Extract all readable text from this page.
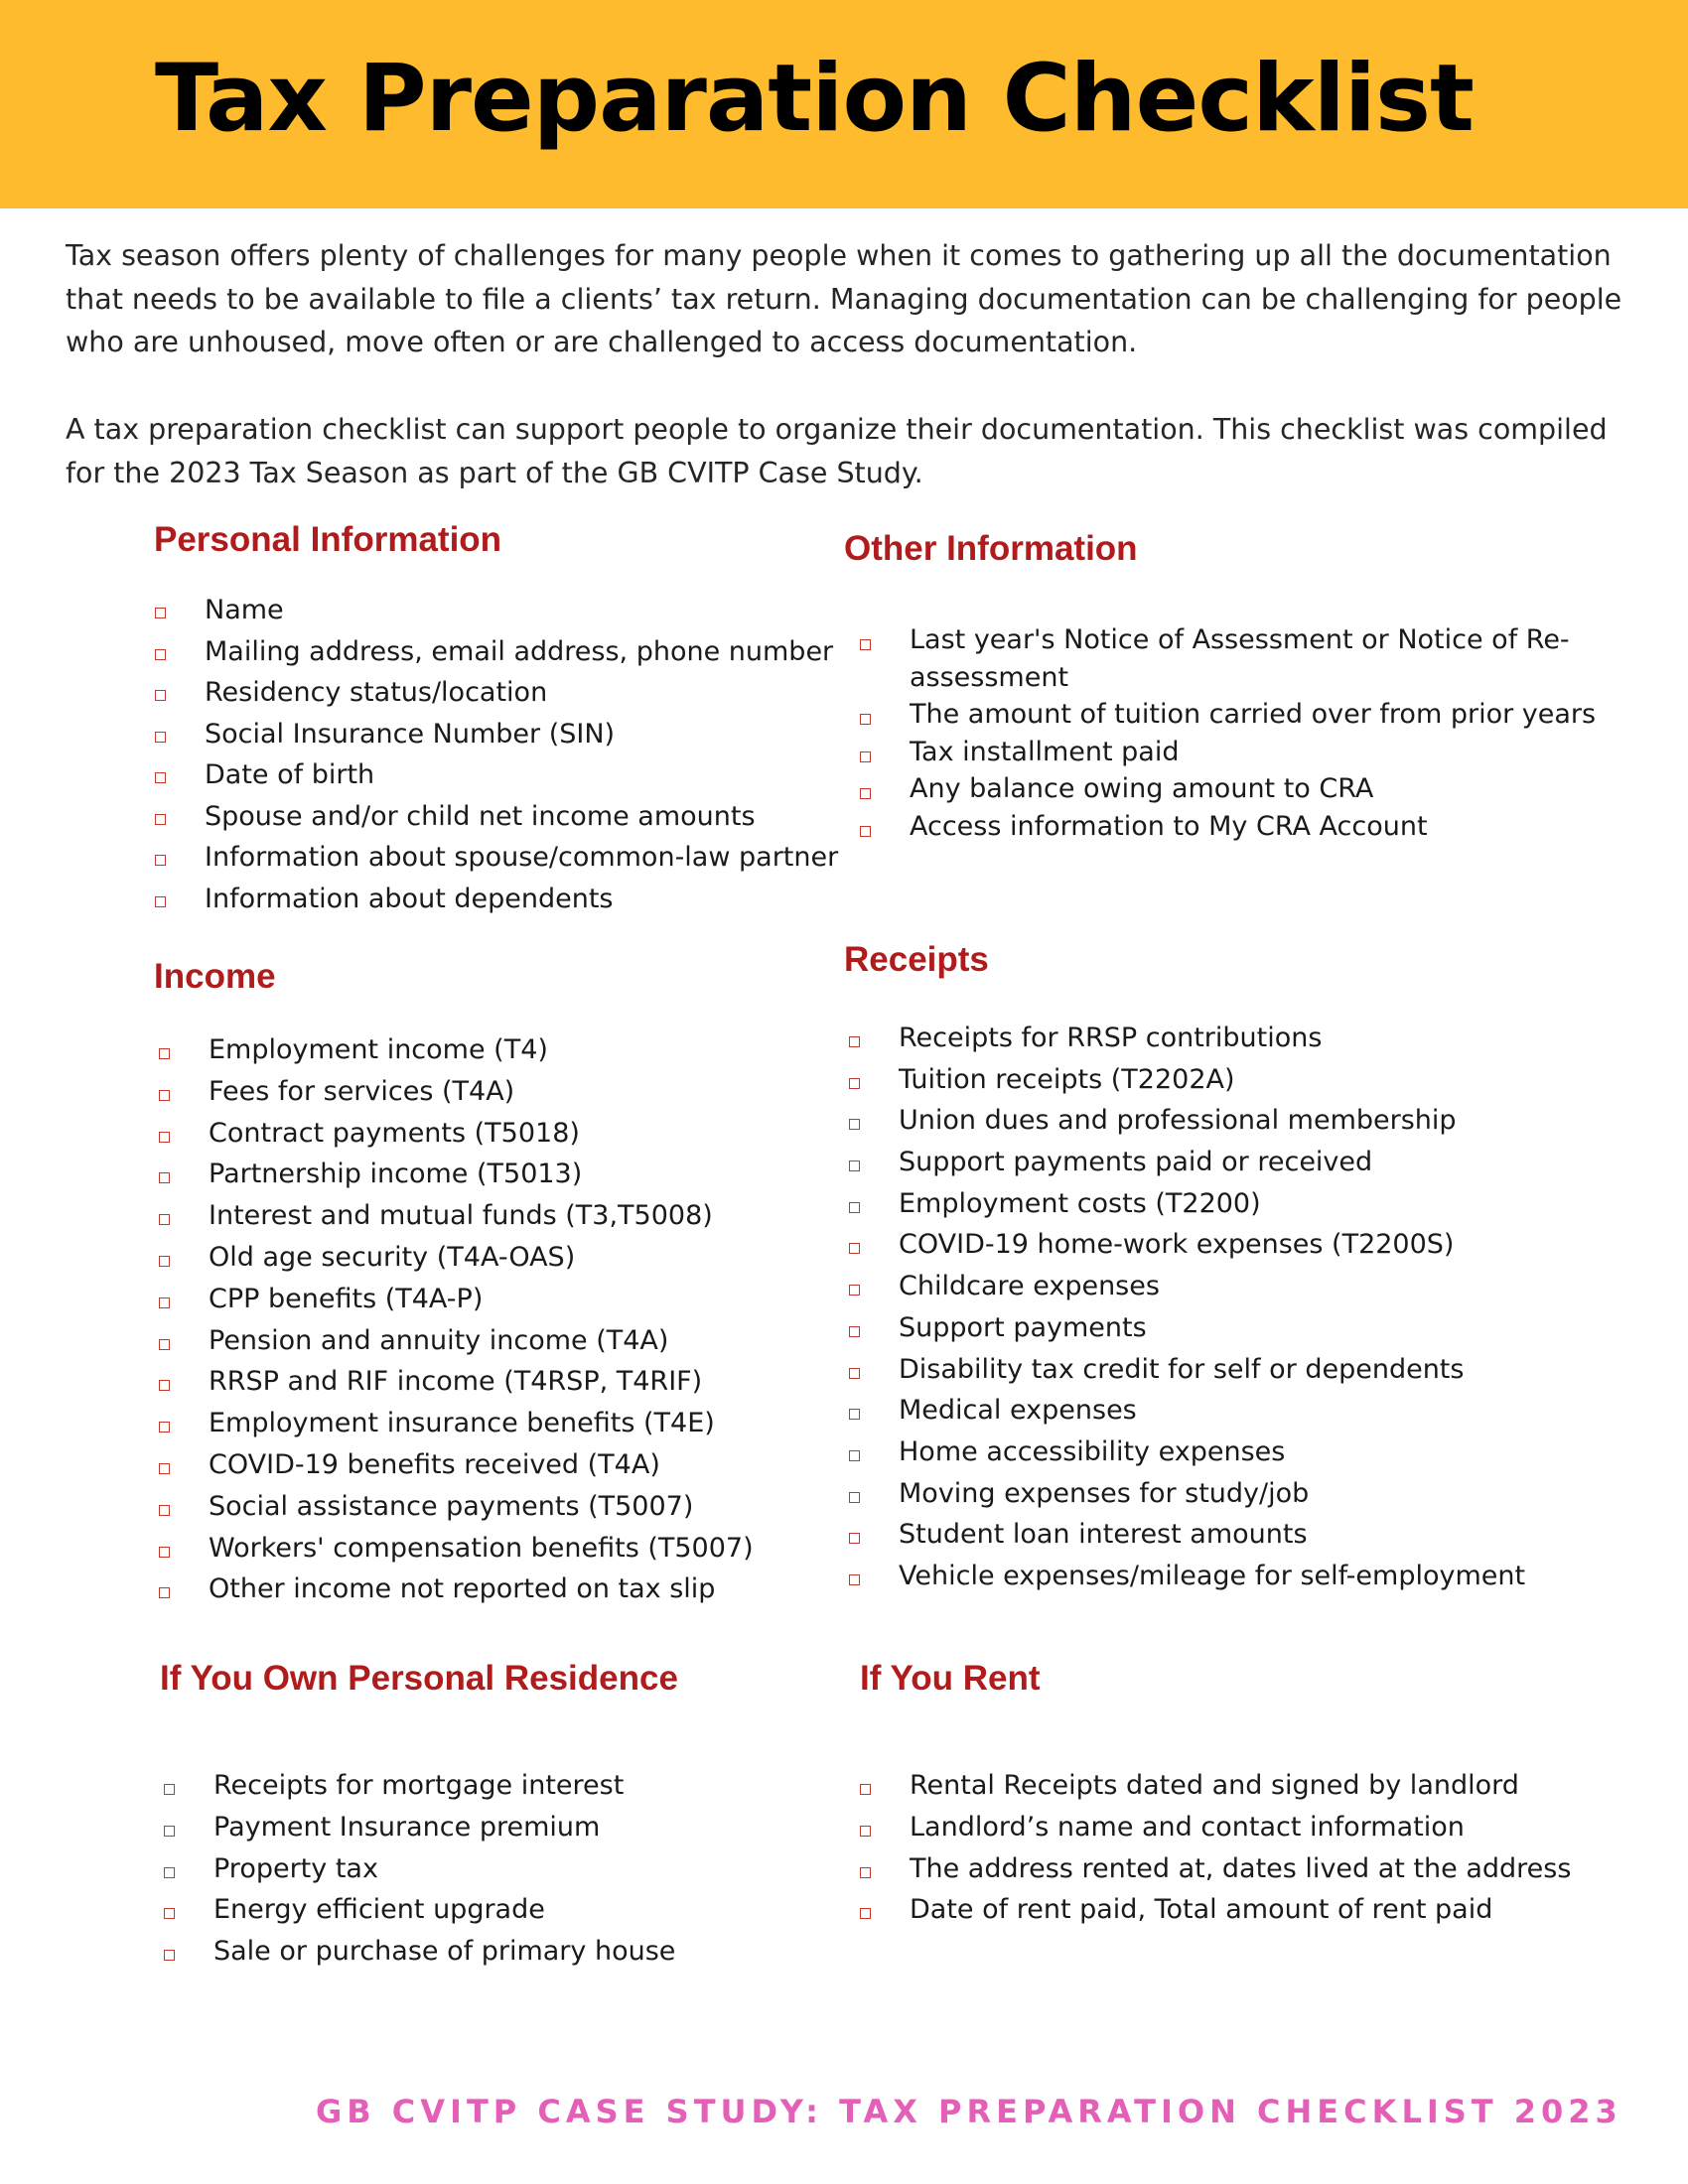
Tax Preparation Checklist

Tax season offers plenty of challenges for many people when it comes to gathering up all the documentation that needs to be available to file a clients’ tax return. Managing documentation can be challenging for people who are unhoused, move often or are challenged to access documentation.

A tax preparation checklist can support people to organize their documentation. This checklist was compiled for the 2023 Tax Season as part of the GB CVITP Case Study.

Personal Information
Name
Mailing address, email address, phone number
Residency status/location
Social Insurance Number (SIN)
Date of birth
Spouse and/or child net income amounts
Information about spouse/common-law partner
Information about dependents
Other Information
Last year's Notice of Assessment or Notice of Re-
assessment
The amount of tuition carried over from prior years
Tax installment paid
Any balance owing amount to CRA
Access information to My CRA Account
Income
Employment income (T4)
Fees for services (T4A)
Contract payments (T5018)
Partnership income (T5013)
Interest and mutual funds (T3,T5008)
Old age security (T4A-OAS)
CPP benefits (T4A-P)
Pension and annuity income (T4A)
RRSP and RIF income (T4RSP, T4RIF)
Employment insurance benefits (T4E)
COVID-19 benefits received (T4A)
Social assistance payments (T5007)
Workers' compensation benefits (T5007)
Other income not reported on tax slip
Receipts
Receipts for RRSP contributions
Tuition receipts (T2202A)
Union dues and professional membership
Support payments paid or received
Employment costs (T2200)
COVID-19 home-work expenses (T2200S)
Childcare expenses
Support payments
Disability tax credit for self or dependents
Medical expenses
Home accessibility expenses
Moving expenses for study/job
Student loan interest amounts
Vehicle expenses/mileage for self-employment
If You Own Personal Residence
Receipts for mortgage interest
Payment Insurance premium
Property tax
Energy efficient upgrade
Sale or purchase of primary house
If You Rent
Rental Receipts dated and signed by landlord
Landlord’s name and contact information
The address rented at, dates lived at the address
Date of rent paid, Total amount of rent paid

GB CVITP CASE STUDY: TAX PREPARATION CHECKLIST 2023
